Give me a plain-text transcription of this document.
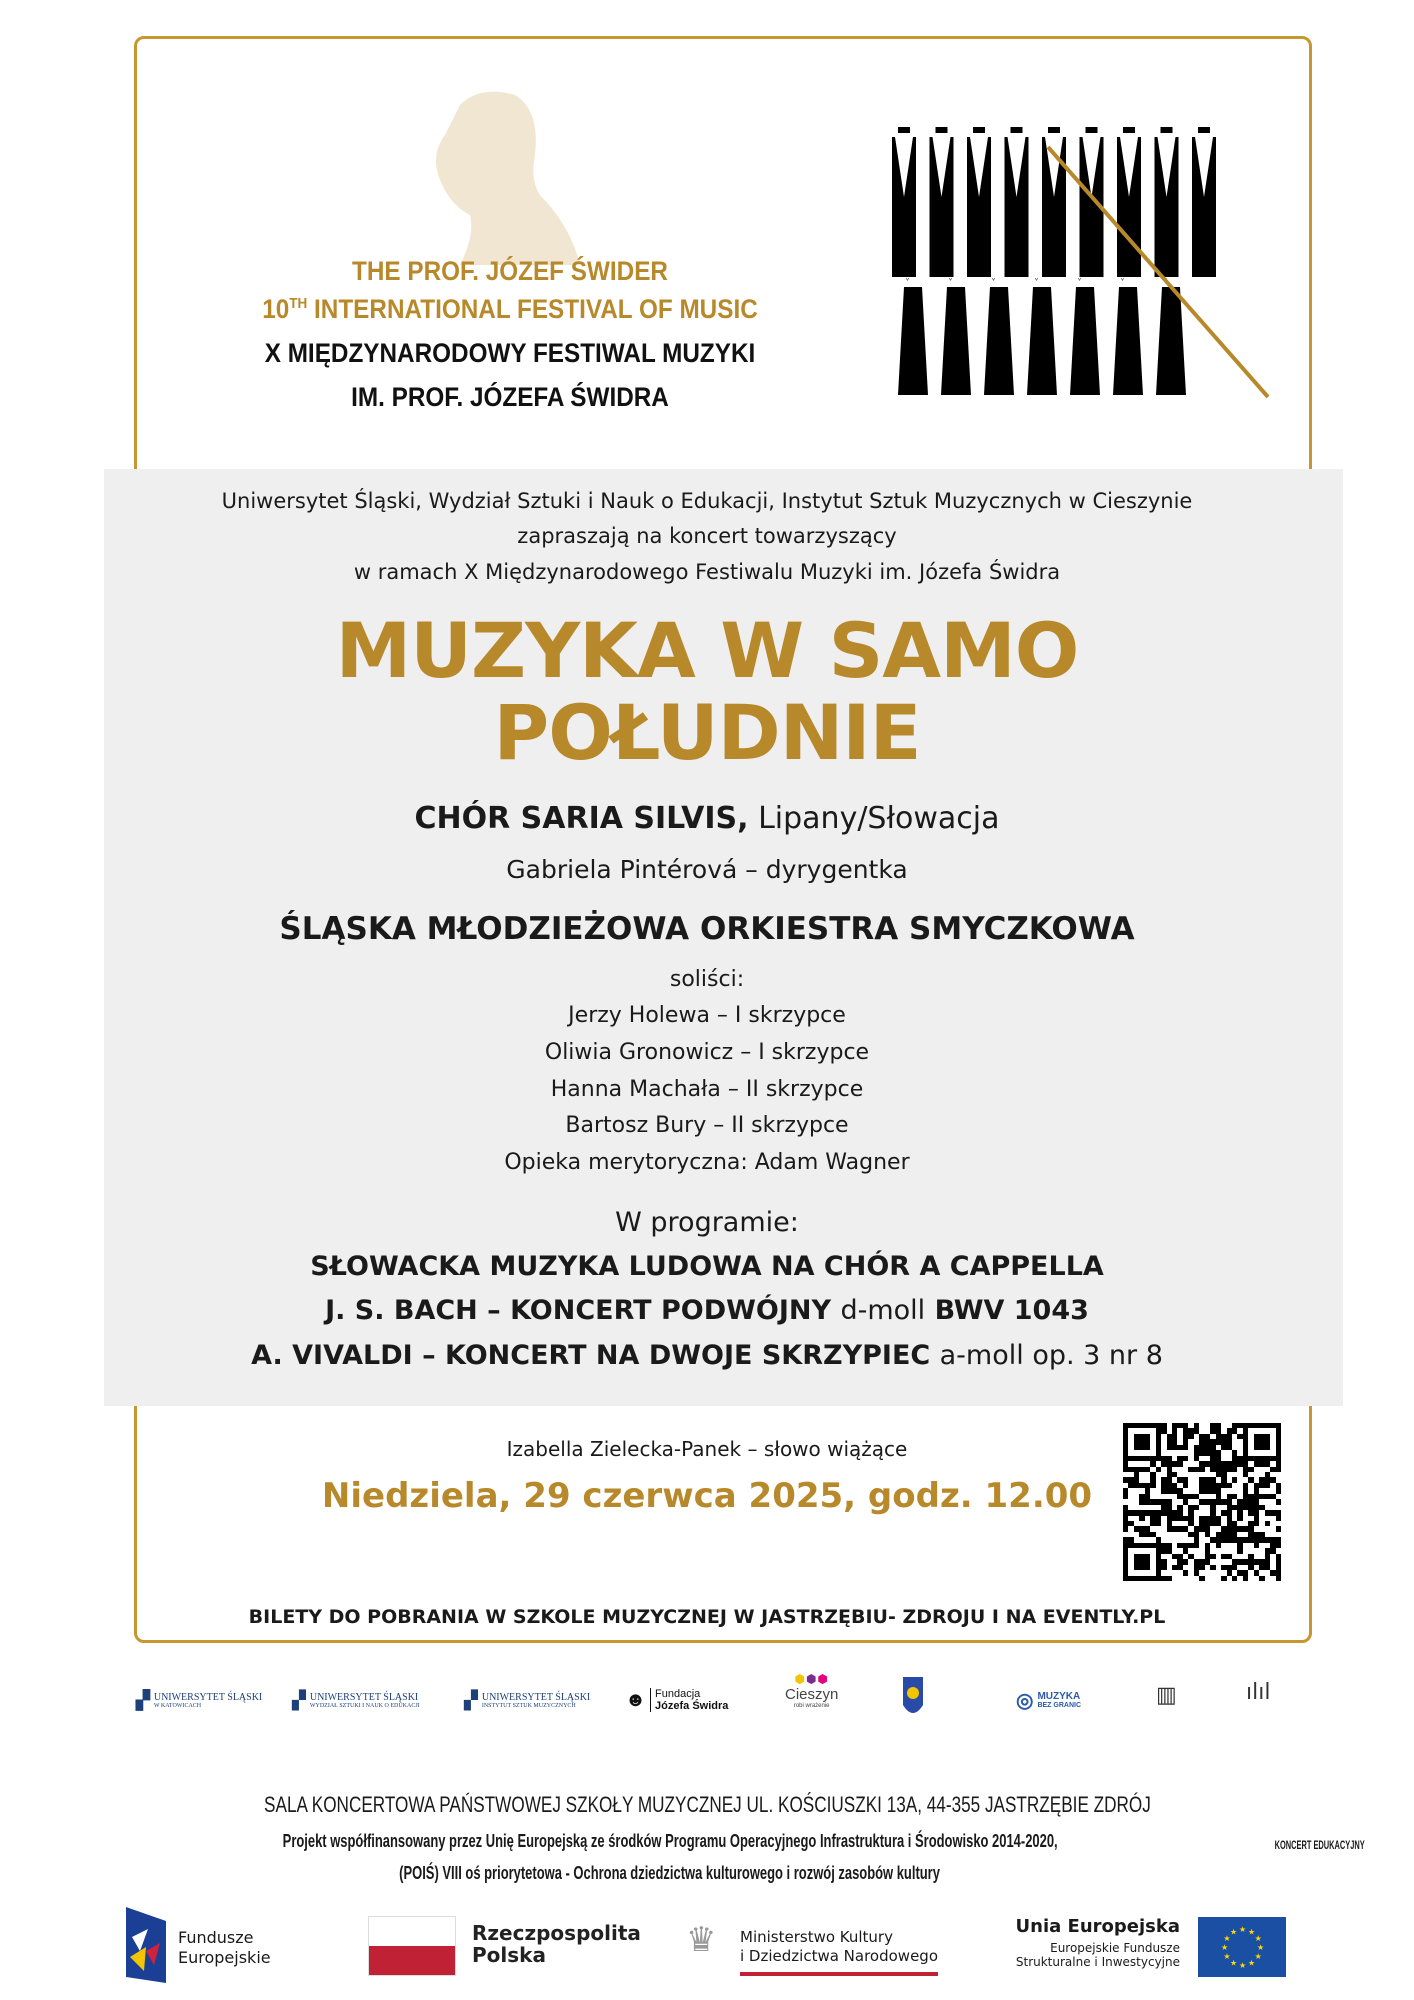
THE PROF. JÓZEF ŚWIDER
10TH INTERNATIONAL FESTIVAL OF MUSIC
X MIĘDZYNARODOWY FESTIWAL MUZYKI
IM. PROF. JÓZEFA ŚWIDRA
ᵛ	ᵛ	ᵛ	ᵛ	ᵛ	ᵛ
Uniwersytet Śląski, Wydział Sztuki i Nauk o Edukacji, Instytut Sztuk Muzycznych w Cieszynie
zapraszają na koncert towarzyszący
w ramach X Międzynarodowego Festiwalu Muzyki im. Józefa Świdra
MUZYKA W SAMO
POŁUDNIE
CHÓR SARIA SILVIS, Lipany/Słowacja
Gabriela Pintérová – dyrygentka
ŚLĄSKA MŁODZIEŻOWA ORKIESTRA SMYCZKOWA
soliści:
Jerzy Holewa – I skrzypce
Oliwia Gronowicz – I skrzypce
Hanna Machała – II skrzypce
Bartosz Bury – II skrzypce
Opieka merytoryczna: Adam Wagner
W programie:
SŁOWACKA MUZYKA LUDOWA NA CHÓR A CAPPELLA
J. S. BACH – KONCERT PODWÓJNY d-moll BWV 1043
A. VIVALDI – KONCERT NA DWOJE SKRZYPIEC a-moll op. 3 nr 8
Izabella Zielecka-Panek – słowo wiążące
Niedziela, 29 czerwca 2025, godz. 12.00
BILETY DO POBRANIA W SZKOLE MUZYCZNEJ W JASTRZĘBIU- ZDROJU I NA EVENTLY.PL
▞ UNIWERSYTET ŚLĄSKI
W KATOWICACH	▞ UNIWERSYTET ŚLĄSKI
WYDZIAŁ SZTUKI I NAUK O EDUKACJI ▞ UNIWERSYTET ŚLĄSKI
INSTYTUT SZTUK MUZYCZNYCH	☻ Fundacja
Józefa Świdra
⬢⬢⬢
Cieszyn
robi wrażenie	◎ MUZYKA
BEZ GRANIC	▥	ılıl
SALA KONCERTOWA PAŃSTWOWEJ SZKOŁY MUZYCZNEJ UL. KOŚCIUSZKI 13A, 44-355 JASTRZĘBIE ZDRÓJ
Projekt współfinansowany przez Unię Europejską ze środków Programu Operacyjnego Infrastruktura i Środowisko 2014-2020,
(POIŚ) VIII oś priorytetowa - Ochrona dziedzictwa kulturowego i rozwój zasobów kultury
KONCERT EDUKACYJNY
Fundusze
Europejskie
Rzeczpospolita
Polska	♛ Ministerstwo Kultury
i Dziedzictwa Narodowego
Unia Europejska
Europejskie Fundusze
Strukturalne i Inwestycyjne
★
★
★
★
★
★
★
★
★ ★ ★
★
